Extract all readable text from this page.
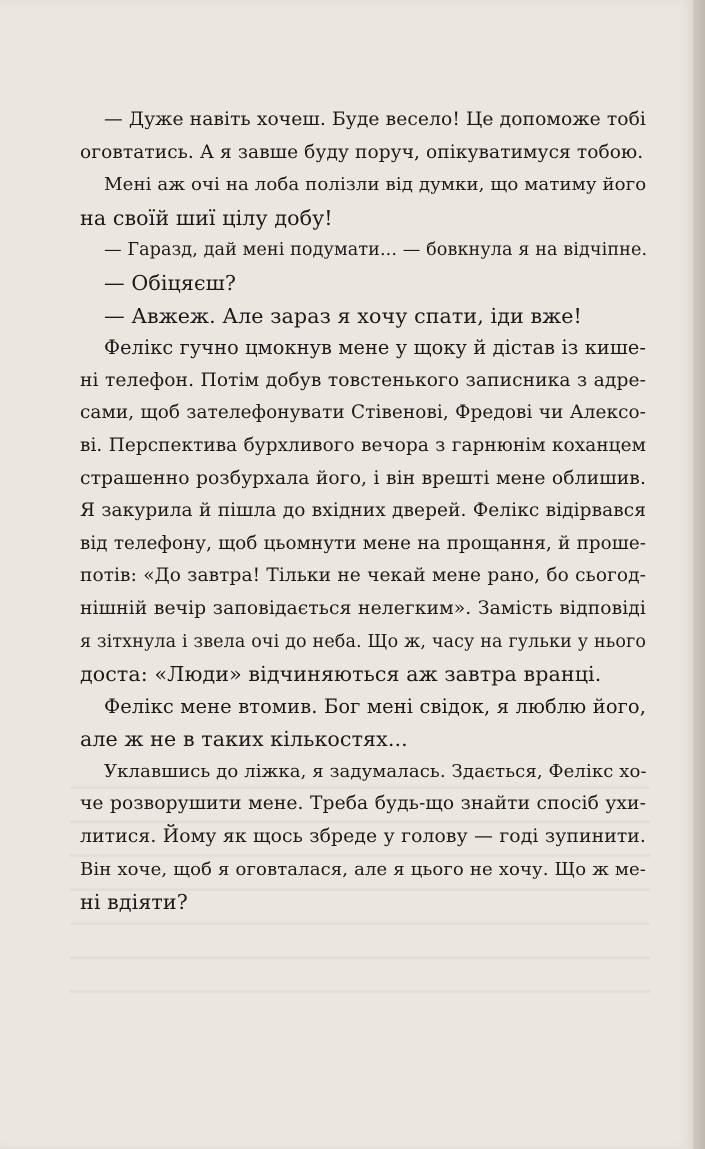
— Дуже навіть хочеш. Буде весело! Це допоможе тобі
оговтатись. А я завше буду поруч, опікуватимуся тобою.
Мені аж очі на лоба полізли від думки, що матиму його
на своїй шиї цілу добу!
— Гаразд, дай мені подумати... — бовкнула я на відчіпне.
— Обіцяєш?
— Авжеж. Але зараз я хочу спати, іди вже!
Фелікс гучно цмокнув мене у щоку й дістав із кише-
ні телефон. Потім добув товстенького записника з адре-
сами, щоб зателефонувати Стівенові, Фредові чи Алексо-
ві. Перспектива бурхливого вечора з гарнюнім коханцем
страшенно розбурхала його, і він врешті мене облишив.
Я закурила й пішла до вхідних дверей. Фелікс відірвався
від телефону, щоб цьомнути мене на прощання, й проше-
потів: «До завтра! Тільки не чекай мене рано, бо сьогод-
нішній вечір заповідається нелегким». Замість відповіді
я зітхнула і звела очі до неба. Що ж, часу на гульки у нього
доста: «Люди» відчиняються аж завтра вранці.
Фелікс мене втомив. Бог мені свідок, я люблю його,
але ж не в таких кількостях...
Уклавшись до ліжка, я задумалась. Здається, Фелікс хо-
че розворушити мене. Треба будь-що знайти спосіб ухи-
литися. Йому як щось збреде у голову — годі зупинити.
Він хоче, щоб я оговталася, але я цього не хочу. Що ж ме-
ні вдіяти?
